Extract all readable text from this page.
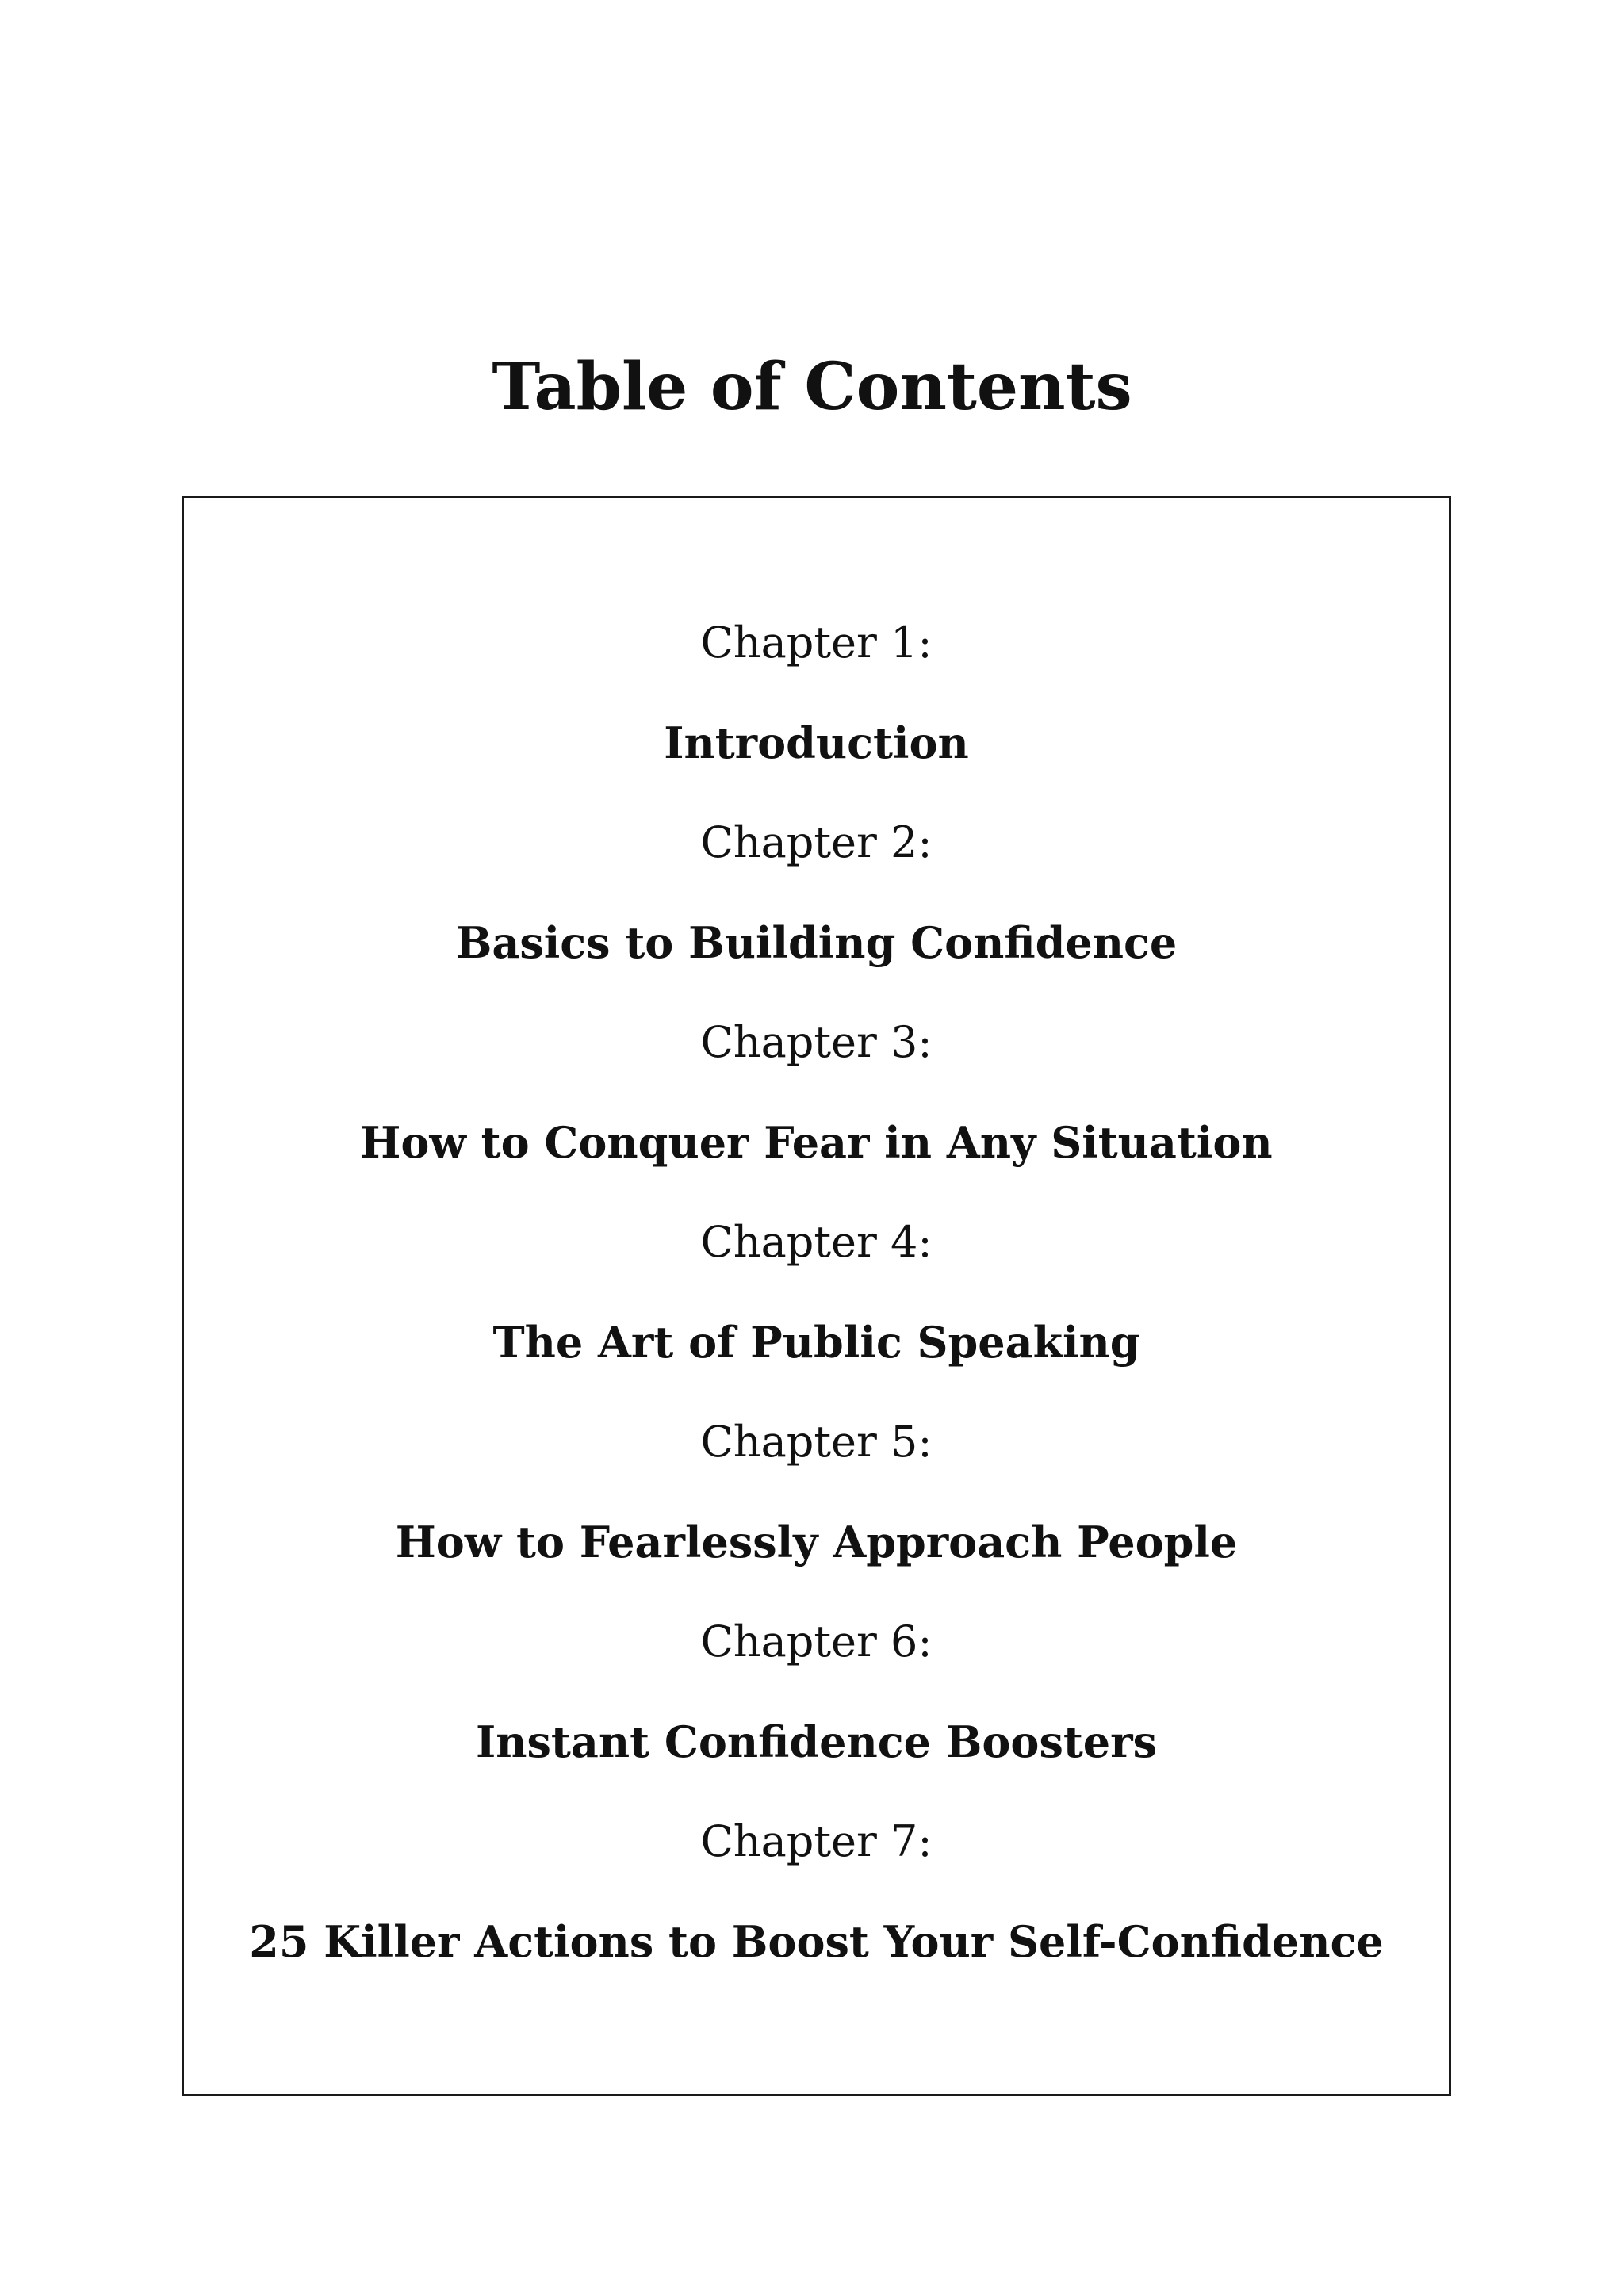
Table of Contents
Chapter 1:
Introduction
Chapter 2:
Basics to Building Confidence
Chapter 3:
How to Conquer Fear in Any Situation
Chapter 4:
The Art of Public Speaking
Chapter 5:
How to Fearlessly Approach People
Chapter 6:
Instant Confidence Boosters
Chapter 7:
25 Killer Actions to Boost Your Self-Confidence
